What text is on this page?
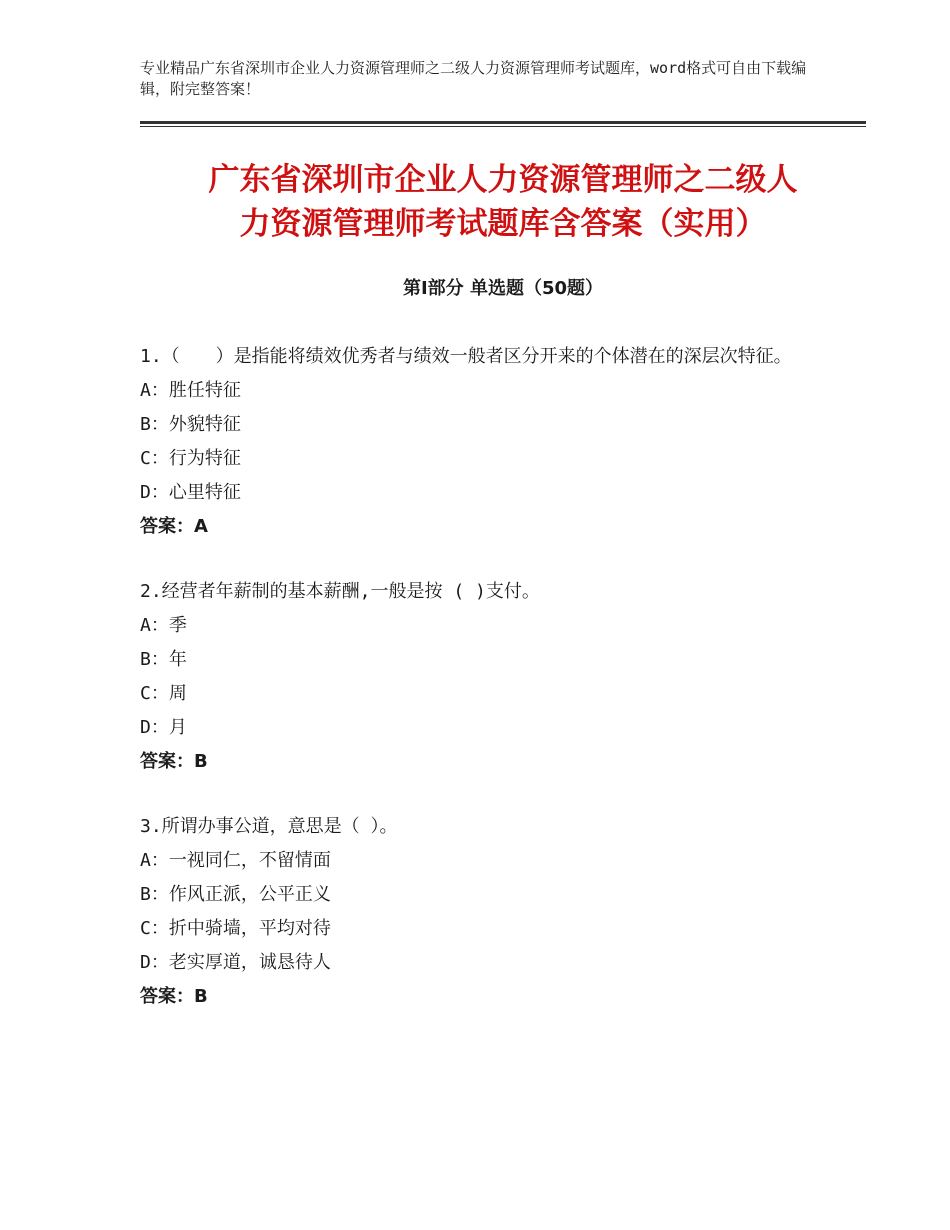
专业精品广东省深圳市企业人力资源管理师之二级人力资源管理师考试题库，word格式可自由下载编辑，附完整答案！
广东省深圳市企业人力资源管理师之二级人
力资源管理师考试题库含答案（实用）
第Ⅰ部分 单选题（50题）
1.（　　）是指能将绩效优秀者与绩效一般者区分开来的个体潜在的深层次特征。
A：胜任特征
B：外貌特征
C：行为特征
D：心里特征
答案：A
2.经营者年薪制的基本薪酬,一般是按 ( )支付。
A：季
B：年
C：周
D：月
答案：B
3.所谓办事公道，意思是（ ）。
A：一视同仁，不留情面
B：作风正派，公平正义
C：折中骑墙，平均对待
D：老实厚道，诚恳待人
答案：B
